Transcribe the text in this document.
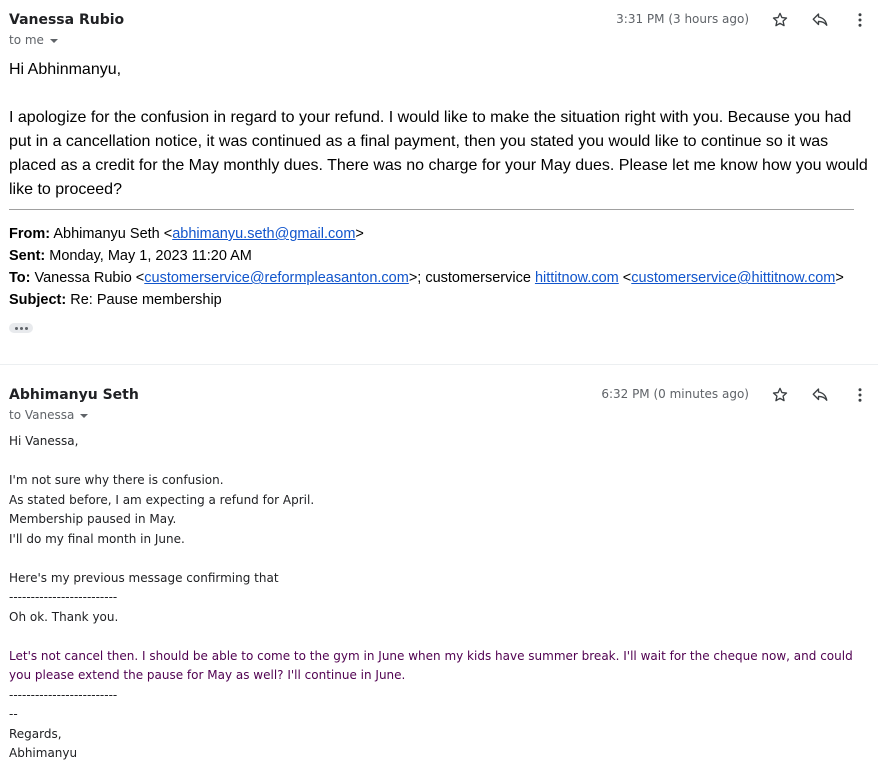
Vanessa Rubio
to me
3:31 PM (3 hours ago)
Hi Abhinmanyu,
I apologize for the confusion in regard to your refund. I would like to make the situation right with you. Because you had put in a cancellation notice, it was continued as a final payment, then you stated you would like to continue so it was placed as a credit for the May monthly dues. There was no charge for your May dues. Please let me know how you would like to proceed?
From: Abhimanyu Seth <abhimanyu.seth@gmail.com>
Sent: Monday, May 1, 2023 11:20 AM
To: Vanessa Rubio <customerservice@reformpleasanton.com>; customerservice hittitnow.com <customerservice@hittitnow.com>
Subject: Re: Pause membership
Abhimanyu Seth
to Vanessa
6:32 PM (0 minutes ago)
Hi Vanessa,
I'm not sure why there is confusion.
As stated before, I am expecting a refund for April.
Membership paused in May.
I'll do my final month in June.
Here's my previous message confirming that
-------------------------
Oh ok. Thank you.
Let's not cancel then. I should be able to come to the gym in June when my kids have summer break. I'll wait for the cheque now, and could you please extend the pause for May as well? I'll continue in June.
-------------------------
--
Regards,
Abhimanyu
